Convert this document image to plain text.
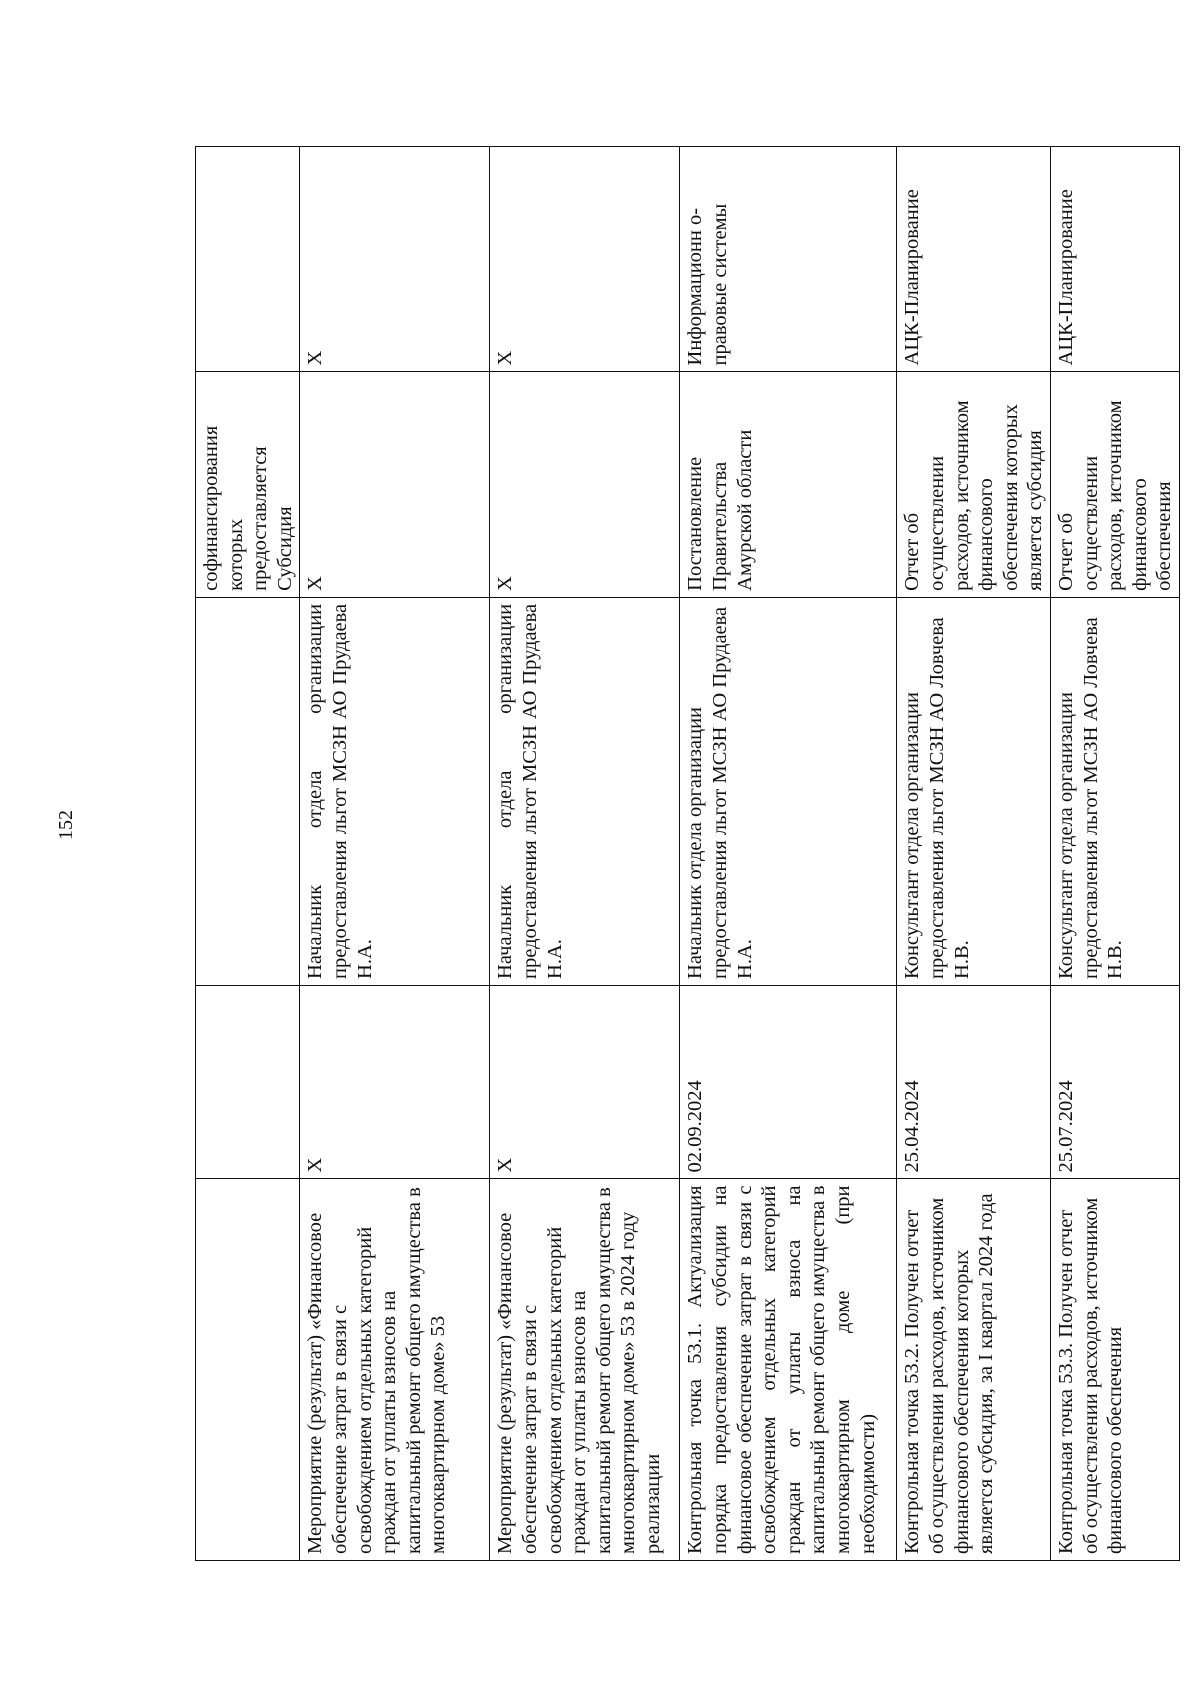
152
			софинансирования которых предоставляется Субсидия	
Мероприятие (результат) «Финансовое обеспечение затрат в связи с освобождением отдельных категорий граждан от уплаты взносов на капитальный ремонт общего имущества в многоквартирном доме» 53	Х	Начальник отдела организации предоставления льгот МСЗН АО Прудаева Н.А.	Х	Х
Мероприятие (результат) «Финансовое обеспечение затрат в связи с освобождением отдельных категорий граждан от уплаты взносов на капитальный ремонт общего имущества в многоквартирном доме» 53 в 2024 году реализации	Х	Начальник отдела организации предоставления льгот МСЗН АО Прудаева Н.А.	Х	Х
Контрольная точка 53.1. Актуализация порядка предоставления субсидии на финансовое обеспечение затрат в связи с освобождением отдельных категорий граждан от уплаты взноса на капитальный ремонт общего имущества в многоквартирном доме (при необходимости)	02.09.2024	Начальник отдела организации предоставления льгот МСЗН АО Прудаева Н.А.	Постановление Правительства Амурской области	Информационн о-правовые системы
Контрольная точка 53.2. Получен отчет об осуществлении расходов, источником финансового обеспечения которых является субсидия, за I квартал 2024 года	25.04.2024	Консультант отдела организации предоставления льгот МСЗН АО Ловчева Н.В.	Отчет об осуществлении расходов, источником финансового обеспечения которых является субсидия	АЦК-Планирование
Контрольная точка 53.3. Получен отчет об осуществлении расходов, источником финансового обеспечения	25.07.2024	Консультант отдела организации предоставления льгот МСЗН АО Ловчева Н.В.	Отчет об осуществлении расходов, источником финансового обеспечения	АЦК-Планирование
